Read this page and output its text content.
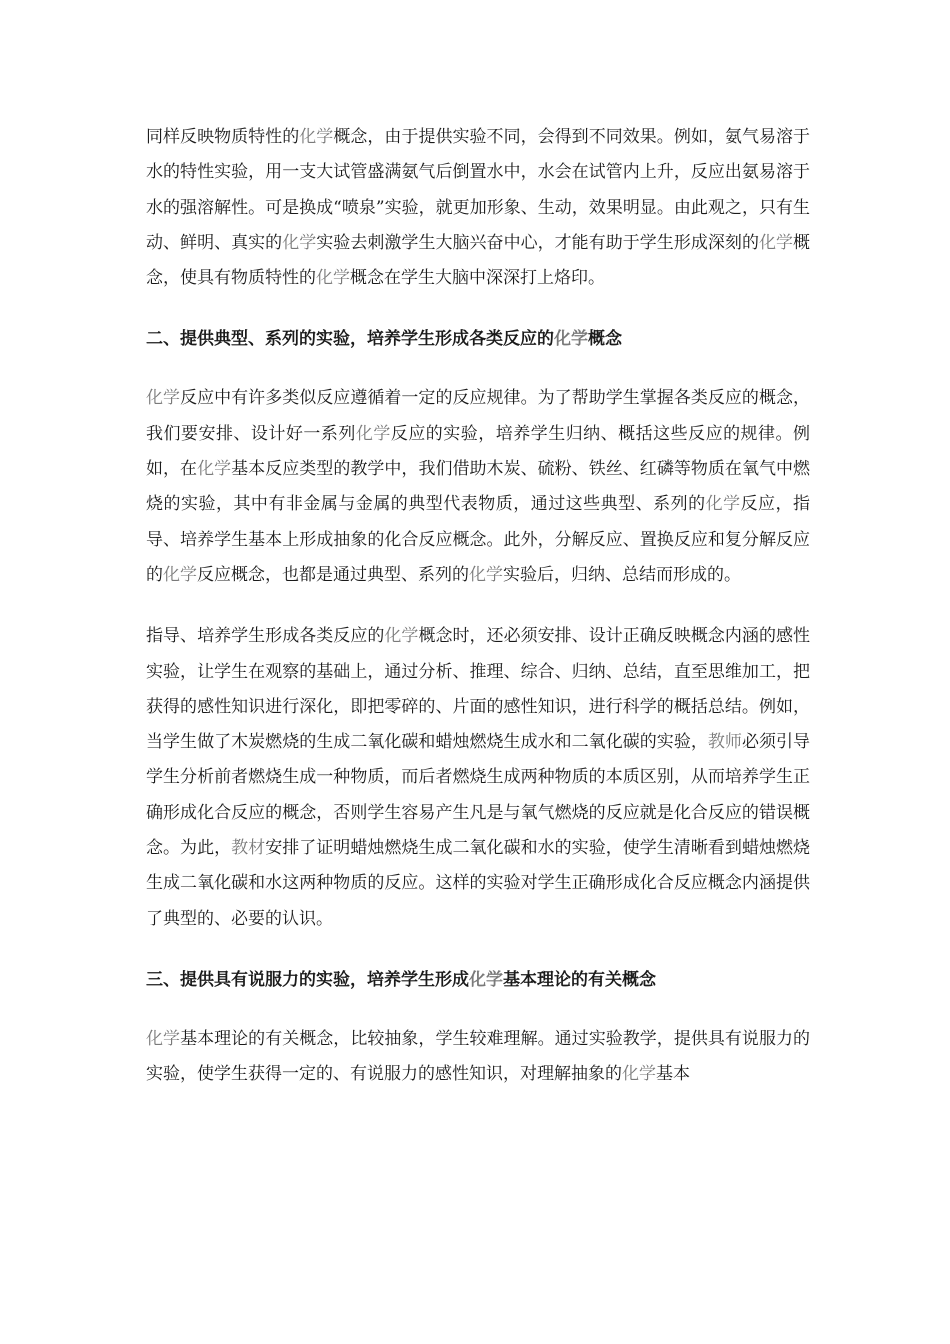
同样反映物质特性的化学概念，由于提供实验不同，会得到不同效果。例如，氨气易溶于水的特性实验，用一支大试管盛满氨气后倒置水中，水会在试管内上升，反应出氨易溶于水的强溶解性。可是换成“喷泉”实验，就更加形象、生动，效果明显。由此观之，只有生动、鲜明、真实的化学实验去刺激学生大脑兴奋中心，才能有助于学生形成深刻的化学概念，使具有物质特性的化学概念在学生大脑中深深打上烙印。

二、提供典型、系列的实验，培养学生形成各类反应的化学概念

化学反应中有许多类似反应遵循着一定的反应规律。为了帮助学生掌握各类反应的概念，我们要安排、设计好一系列化学反应的实验，培养学生归纳、概括这些反应的规律。例如，在化学基本反应类型的教学中，我们借助木炭、硫粉、铁丝、红磷等物质在氧气中燃烧的实验，其中有非金属与金属的典型代表物质，通过这些典型、系列的化学反应，指导、培养学生基本上形成抽象的化合反应概念。此外，分解反应、置换反应和复分解反应的化学反应概念，也都是通过典型、系列的化学实验后，归纳、总结而形成的。

指导、培养学生形成各类反应的化学概念时，还必须安排、设计正确反映概念内涵的感性实验，让学生在观察的基础上，通过分析、推理、综合、归纳、总结，直至思维加工，把获得的感性知识进行深化，即把零碎的、片面的感性知识，进行科学的概括总结。例如，当学生做了木炭燃烧的生成二氧化碳和蜡烛燃烧生成水和二氧化碳的实验，教师必须引导学生分析前者燃烧生成一种物质，而后者燃烧生成两种物质的本质区别，从而培养学生正确形成化合反应的概念，否则学生容易产生凡是与氧气燃烧的反应就是化合反应的错误概念。为此，教材安排了证明蜡烛燃烧生成二氧化碳和水的实验，使学生清晰看到蜡烛燃烧生成二氧化碳和水这两种物质的反应。这样的实验对学生正确形成化合反应概念内涵提供了典型的、必要的认识。

三、提供具有说服力的实验，培养学生形成化学基本理论的有关概念

化学基本理论的有关概念，比较抽象，学生较难理解。通过实验教学，提供具有说服力的实验，使学生获得一定的、有说服力的感性知识，对理解抽象的化学基本
